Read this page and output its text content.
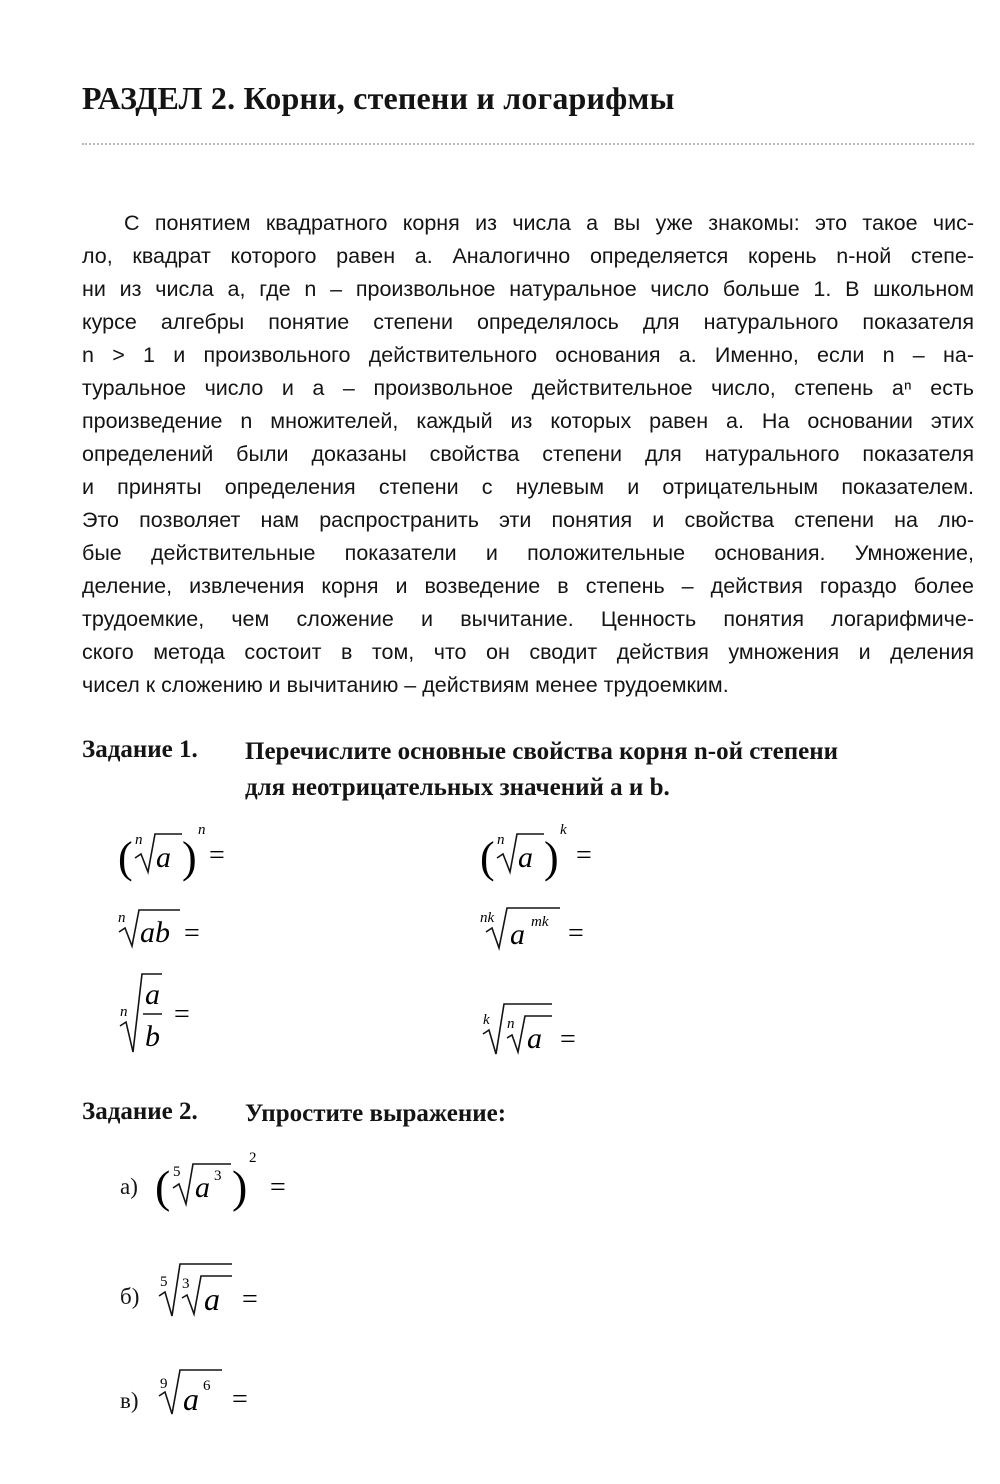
РАЗДЕЛ 2. Корни, степени и логарифмы
С понятием квадратного корня из числа a вы уже знакомы: это такое чис-
ло, квадрат которого равен a. Аналогично определяется корень n-ной степе-
ни из числа a, где n – произвольное натуральное число больше 1. В школьном
курсе алгебры понятие степени определялось для натурального показателя
n > 1 и произвольного действительного основания a. Именно, если n – на-
туральное число и a – произвольное действительное число, степень aⁿ есть
произведение n множителей, каждый из которых равен a. На основании этих
определений были доказаны свойства степени для натурального показателя
и приняты определения степени с нулевым и отрицательным показателем.
Это позволяет нам распространить эти понятия и свойства степени на лю-
бые действительные показатели и положительные основания. Умножение,
деление, извлечения корня и возведение в степень – действия гораздо более
трудоемкие, чем сложение и вычитание. Ценность понятия логарифмиче-
ского метода состоит в том, что он сводит действия умножения и деления
чисел к сложению и вычитанию – действиям менее трудоемким.
Задание 1. Перечислите основные свойства корня n-ой степени
для неотрицательных значений a и b.
( n
a )
n
=	( n
a )
k
=
n ab =	nk a mk =
n
a
b
=	k n a =
Задание 2. Упростите выражение:
а) ( 5 a 3 )
2
=
б)
5 3 a =
в)
9 a 6 =
